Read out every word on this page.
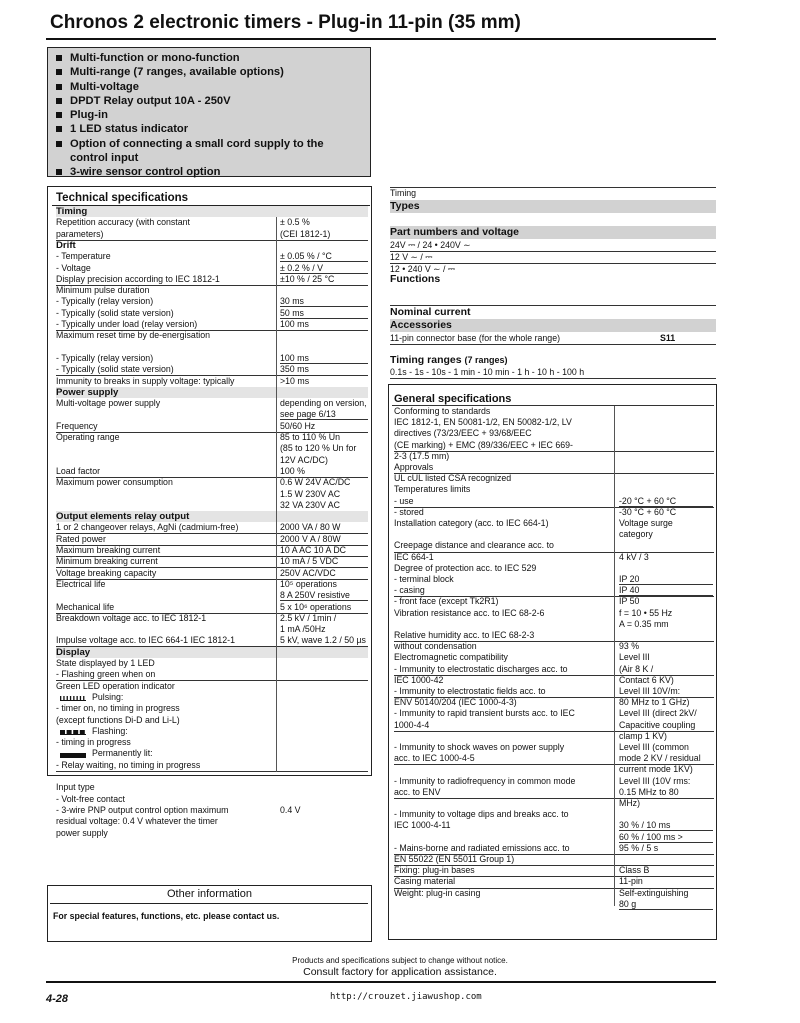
Chronos 2 electronic timers - Plug-in 11-pin (35 mm)
Multi-function or mono-function
Multi-range (7 ranges, available options)
Multi-voltage
DPDT Relay output 10A - 250V
Plug-in
1 LED status indicator
Option of connecting a small cord supply to the
control input
3-wire sensor control option
Technical specifications
Timing
Repetition accuracy (with constant	± 0.5 %
parameters)	(CEI 1812-1)
Drift
- Temperature	± 0.05 % / °C
- Voltage	± 0.2 % / V
Display precision according to IEC 1812-1	±10 % / 25 °C
Minimum pulse duration
- Typically (relay version)	30 ms
- Typically (solid state version)	50 ms
- Typically under load (relay version)	100 ms
Maximum reset time by de-energisation
- Typically (relay version)	100 ms
- Typically (solid state version)	350 ms
Immunity to breaks in supply voltage: typically	>10 ms
Power supply
Multi-voltage power supply	depending on version,
see page 6/13
Frequency	50/60 Hz
Operating range	85 to 110 % Un
(85 to 120 % Un for
12V AC/DC)
Load factor	100 %
Maximum power consumption	0.6 W 24V AC/DC
1.5 W 230V AC
32 VA 230V AC
Output elements relay output
1 or 2 changeover relays, AgNi (cadmium-free)	2000 VA / 80 W
Rated power	2000 V A / 80W
Maximum breaking current	10 A AC 10 A DC
Minimum breaking current	10 mA / 5 VDC
Voltage breaking capacity	250V AC/VDC
Electrical life	10⁵ operations
8 A 250V resistive
Mechanical life	5 x 10⁶ operations
Breakdown voltage acc. to IEC 1812-1	2.5 kV / 1min /
1 mA /50Hz
Impulse voltage acc. to IEC 664-1 IEC 1812-1	5 kV, wave 1.2 / 50 µs
Display
State displayed by 1 LED
- Flashing green when on
Green LED operation indicator
Pulsing:
- timer on, no timing in progress
(except functions Di-D and Li-L)
Flashing:
- timing in progress
Permanently lit:
- Relay waiting, no timing in progress
Input type
- Volt-free contact
- 3-wire PNP output control option maximum	0.4 V
residual voltage: 0.4 V whatever the timer
power supply
Other information
For special features, functions, etc. please contact us.
Timing
Types
Part numbers and voltage
24V ⎓ / 24 • 240V ∼
12 V ∼ / ⎓
12 • 240 V ∼ / ⎓
Functions
Nominal current
Accessories
11-pin connector base (for the whole range)	S11
Timing ranges (7 ranges)
0.1s - 1s - 10s - 1 min - 10 min - 1 h - 10 h - 100 h
General specifications
Conforming to standards
IEC 1812-1, EN 50081-1/2, EN 50082-1/2, LV
directives (73/23/EEC + 93/68/EEC
(CE marking) + EMC (89/336/EEC + IEC 669-
2-3 (17.5 mm)
Approvals
UL cUL listed CSA recognized
Temperatures limits
- use	-20 °C + 60 °C
- stored	-30 °C + 60 °C
Installation category (acc. to IEC 664-1)	Voltage surge
category
Creepage distance and clearance acc. to
IEC 664-1	4 kV / 3
Degree of protection acc. to IEC 529
- terminal block	IP 20
- casing	IP 40
- front face (except Tk2R1)	IP 50
Vibration resistance acc. to IEC 68-2-6	f = 10 • 55 Hz
A = 0.35 mm
Relative humidity acc. to IEC 68-2-3
without condensation	93 %
Electromagnetic compatibility	Level III
- Immunity to electrostatic discharges acc. to	(Air 8 K /
IEC 1000-42	Contact 6 KV)
- Immunity to electrostatic fields acc. to	Level III 10V/m:
ENV 50140/204 (IEC 1000-4-3)	80 MHz to 1 GHz)
- Immunity to rapid transient bursts acc. to IEC	Level III (direct 2kV/
1000-4-4	Capacitive coupling
clamp 1 KV)
- Immunity to shock waves on power supply	Level III (common
acc. to IEC 1000-4-5	mode 2 KV / residual
current mode 1KV)
- Immunity to radiofrequency in common mode	Level III (10V rms:
acc. to ENV	0.15 MHz to 80
MHz)
- Immunity to voltage dips and breaks acc. to
IEC 1000-4-11	30 % / 10 ms
60 % / 100 ms >
- Mains-borne and radiated emissions acc. to	95 % / 5 s
EN 55022 (EN 55011 Group 1)
Fixing: plug-in bases	Class B
Casing material	11-pin
Weight: plug-in casing	Self-extinguishing
80 g
Products and specifications subject to change without notice.
Consult factory for application assistance.
4-28	http://crouzet.jiawushop.com
